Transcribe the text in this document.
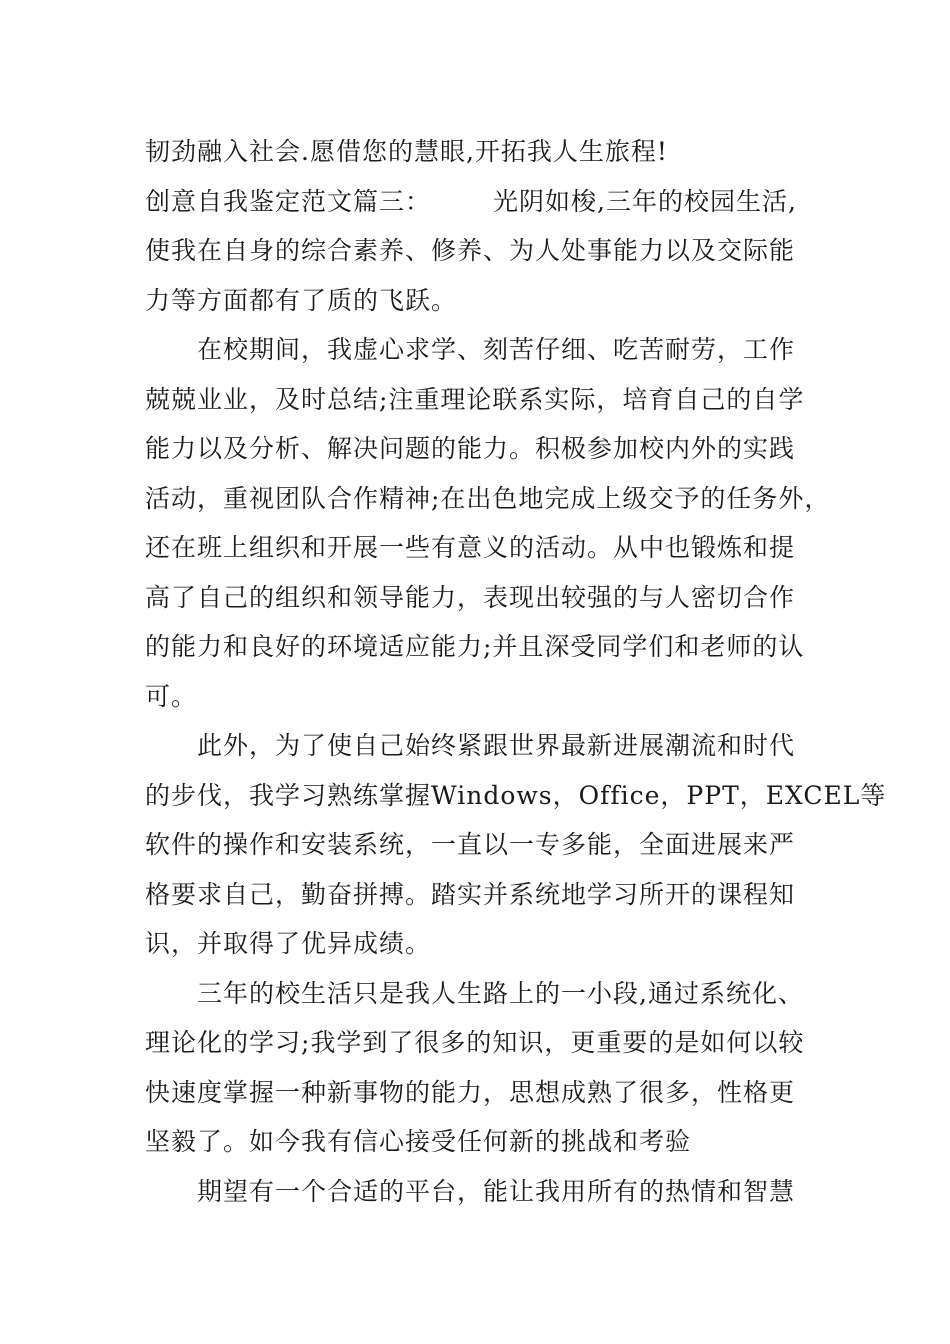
韧劲融入社会.愿借您的慧眼,开拓我人生旅程!
创意自我鉴定范文篇三： 光阴如梭,三年的校园生活,
使我在自身的综合素养、修养、为人处事能力以及交际能
力等方面都有了质的飞跃。
在校期间，我虚心求学、刻苦仔细、吃苦耐劳，工作
兢兢业业，及时总结;注重理论联系实际，培育自己的自学
能力以及分析、解决问题的能力。积极参加校内外的实践
活动，重视团队合作精神;在出色地完成上级交予的任务外，
还在班上组织和开展一些有意义的活动。从中也锻炼和提
高了自己的组织和领导能力，表现出较强的与人密切合作
的能力和良好的环境适应能力;并且深受同学们和老师的认
可。
此外，为了使自己始终紧跟世界最新进展潮流和时代
的步伐，我学习熟练掌握Windows，Office，PPT，EXCEL等
软件的操作和安装系统，一直以一专多能，全面进展来严
格要求自己，勤奋拼搏。踏实并系统地学习所开的课程知
识，并取得了优异成绩。
三年的校生活只是我人生路上的一小段,通过系统化、
理论化的学习;我学到了很多的知识，更重要的是如何以较
快速度掌握一种新事物的能力，思想成熟了很多，性格更
坚毅了。如今我有信心接受任何新的挑战和考验
期望有一个合适的平台，能让我用所有的热情和智慧
